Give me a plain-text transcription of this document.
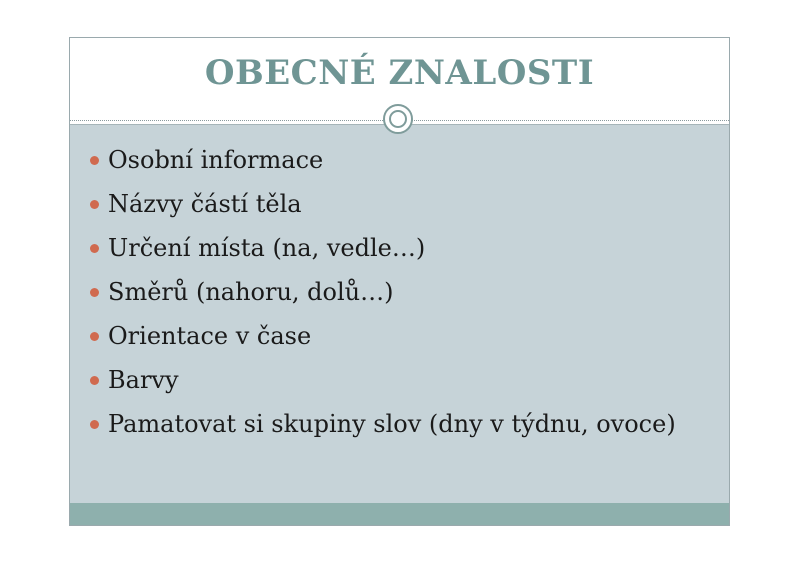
OBECNÉ ZNALOSTI
Osobní informace
Názvy částí těla
Určení místa (na, vedle…)
Směrů (nahoru, dolů…)
Orientace v čase
Barvy
Pamatovat si skupiny slov (dny v týdnu, ovoce)
